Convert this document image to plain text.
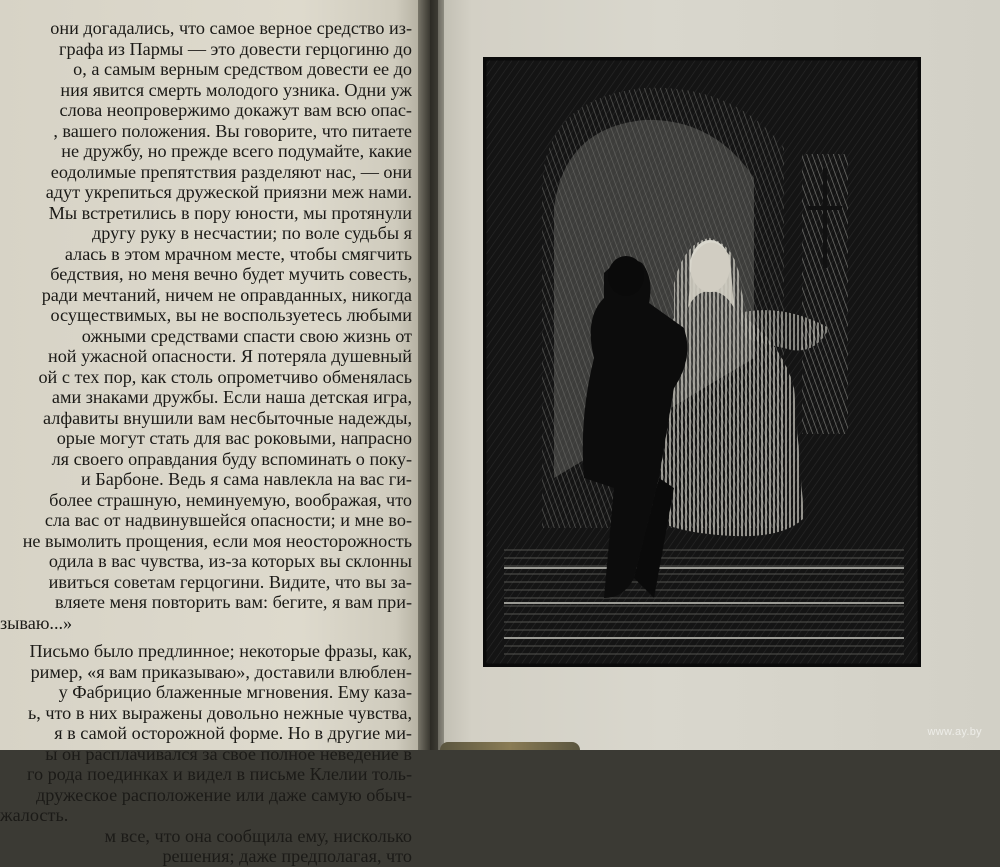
они догадались, что самое верное средство из-
графа из Пармы — это довести герцогиню до
о, а самым верным средством довести ее до
ния явится смерть молодого узника. Одни уж
слова неопровержимо докажут вам всю опас-
, вашего положения. Вы говорите, что питаете
не дружбу, но прежде всего подумайте, какие
еодолимые препятствия разделяют нас, — они
адут укрепиться дружеской приязни меж нами.
Мы встретились в пору юности, мы протянули
другу руку в несчастии; по воле судьбы я
алась в этом мрачном месте, чтобы смягчить
бедствия, но меня вечно будет мучить совесть,
ради мечтаний, ничем не оправданных, никогда
осуществимых, вы не воспользуетесь любыми
ожными средствами спасти свою жизнь от
ной ужасной опасности. Я потеряла душевный
ой с тех пор, как столь опрометчиво обменялась
ами знаками дружбы. Если наша детская игра,
алфавиты внушили вам несбыточные надежды,
орые могут стать для вас роковыми, напрасно
ля своего оправдания буду вспоминать о поку-
и Барбоне. Ведь я сама навлекла на вас ги-
более страшную, неминуемую, воображая, что
сла вас от надвинувшейся опасности; и мне во-
не вымолить прощения, если моя неосторожность
одила в вас чувства, из-за которых вы склонны
ивиться советам герцогини. Видите, что вы за-
вляете меня повторить вам: бегите, я вам при-
зываю...»
Письмо было предлинное; некоторые фразы, как,
ример, «я вам приказываю», доставили влюблен-
у Фабрицио блаженные мгновения. Ему каза-
ь, что в них выражены довольно нежные чувства,
я в самой осторожной форме. Но в другие ми-
ы он расплачивался за свое полное неведение в
го рода поединках и видел в письме Клелии толь-
дружеское расположение или даже самую обыч-
жалость.
м все, что она сообщила ему, нисколько
решения; даже предполагая, что
www.ay.by
